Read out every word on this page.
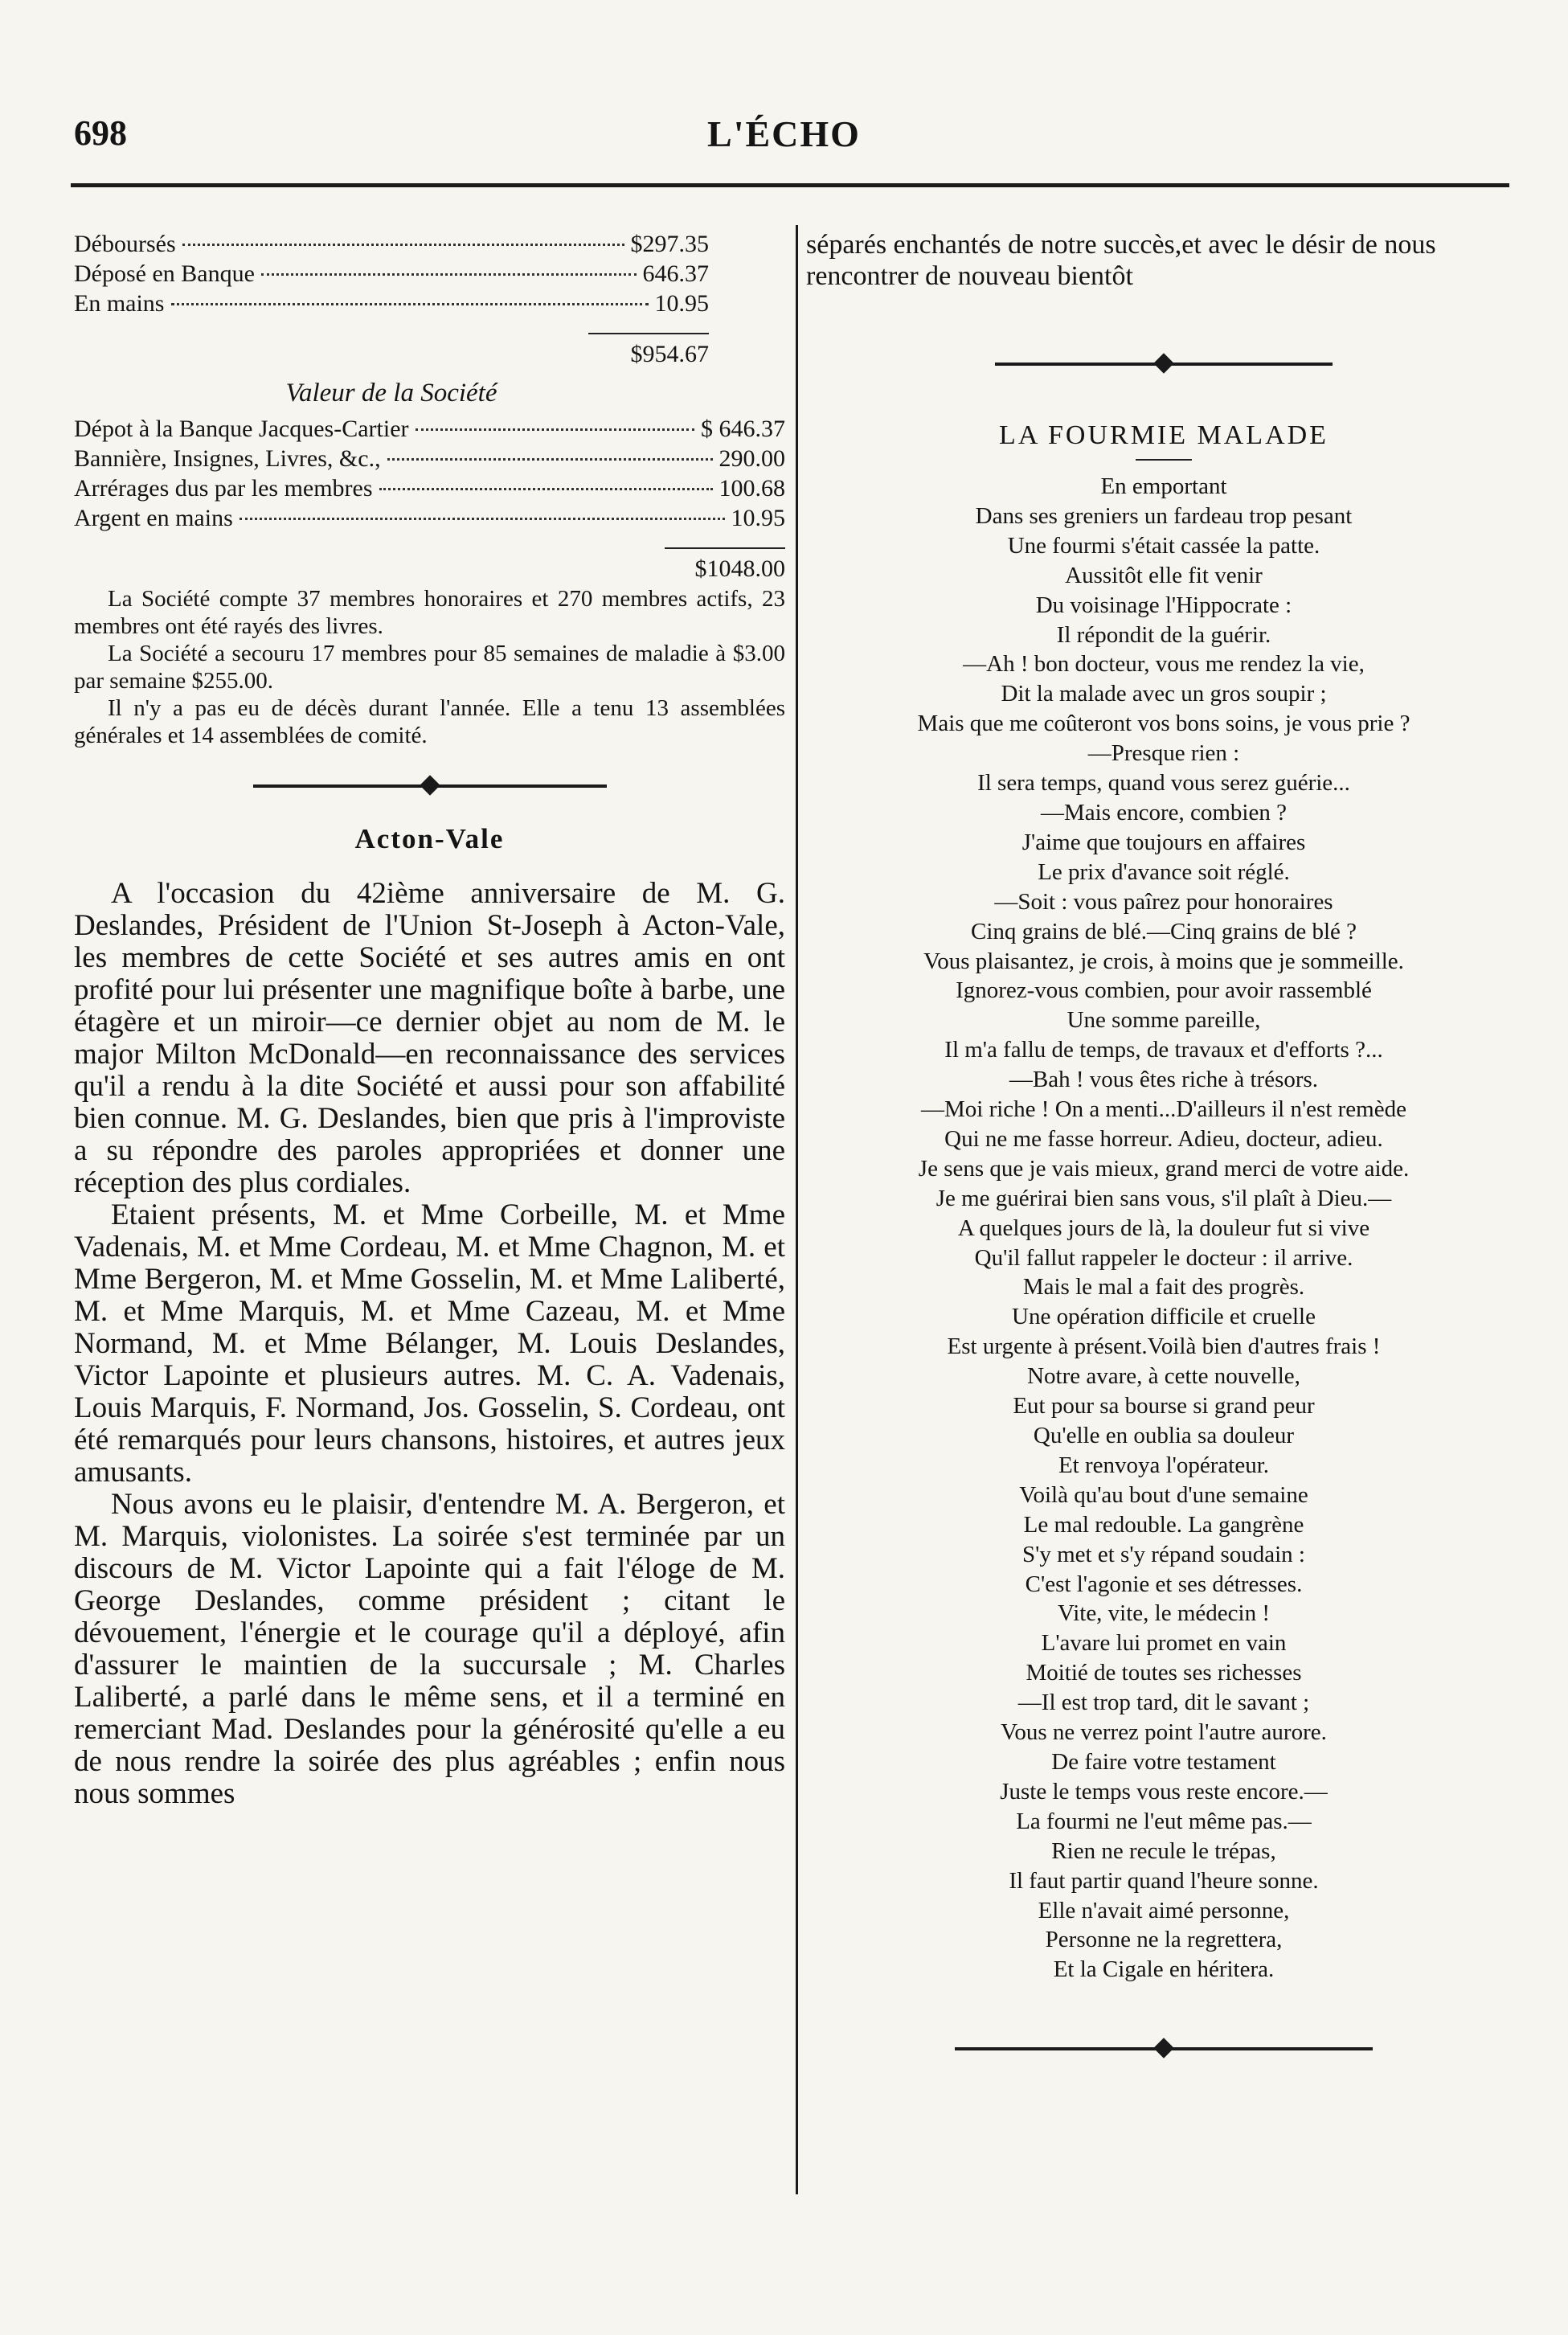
698	L'ÉCHO
Déboursés	$297.35
Déposé en Banque	646.37
En mains	10.95
$954.67
Valeur de la Société
Dépot à la Banque Jacques-Cartier	$ 646.37
Bannière, Insignes, Livres, &c.,	290.00
Arrérages dus par les membres	100.68
Argent en mains	10.95
$1048.00

La Société compte 37 membres honoraires et 270 membres actifs, 23 membres ont été rayés des livres.

La Société a secouru 17 membres pour 85 semaines de maladie à $3.00 par semaine $255.00.

Il n'y a pas eu de décès durant l'année. Elle a tenu 13 assemblées générales et 14 assemblées de comité.

Acton-Vale

A l'occasion du 42ième anniversaire de M. G. Deslandes, Président de l'Union St-Joseph à Acton-Vale, les membres de cette Société et ses autres amis en ont profité pour lui présenter une magnifique boîte à barbe, une étagère et un miroir—ce dernier objet au nom de M. le major Milton McDonald—en reconnaissance des services qu'il a rendu à la dite Société et aussi pour son affabilité bien connue. M. G. Deslandes, bien que pris à l'improviste a su répondre des paroles appropriées et donner une réception des plus cordiales.

Etaient présents, M. et Mme Corbeille, M. et Mme Vadenais, M. et Mme Cordeau, M. et Mme Chagnon, M. et Mme Bergeron, M. et Mme Gosselin, M. et Mme Laliberté, M. et Mme Marquis, M. et Mme Cazeau, M. et Mme Normand, M. et Mme Bélanger, M. Louis Deslandes, Victor Lapointe et plusieurs autres. M. C. A. Vadenais, Louis Marquis, F. Normand, Jos. Gosselin, S. Cordeau, ont été remarqués pour leurs chansons, histoires, et autres jeux amusants.

Nous avons eu le plaisir, d'entendre M. A. Bergeron, et M. Marquis, violonistes. La soirée s'est terminée par un discours de M. Victor Lapointe qui a fait l'éloge de M. George Deslandes, comme président ; citant le dévouement, l'énergie et le courage qu'il a déployé, afin d'assurer le maintien de la succursale ; M. Charles Laliberté, a parlé dans le même sens, et il a terminé en remerciant Mad. Deslandes pour la générosité qu'elle a eu de nous rendre la soirée des plus agréables ; enfin nous nous sommes

séparés enchantés de notre succès,et avec le désir de nous rencontrer de nouveau bientôt

LA FOURMIE MALADE
En emportant
Dans ses greniers un fardeau trop pesant
Une fourmi s'était cassée la patte.
Aussitôt elle fit venir
Du voisinage l'Hippocrate :
Il répondit de la guérir.
—Ah ! bon docteur, vous me rendez la vie,
Dit la malade avec un gros soupir ;
Mais que me coûteront vos bons soins, je vous prie ?
—Presque rien :
Il sera temps, quand vous serez guérie...
—Mais encore, combien ?
J'aime que toujours en affaires
Le prix d'avance soit réglé.
—Soit : vous paîrez pour honoraires
Cinq grains de blé.—Cinq grains de blé ?
Vous plaisantez, je crois, à moins que je sommeille.
Ignorez-vous combien, pour avoir rassemblé
Une somme pareille,
Il m'a fallu de temps, de travaux et d'efforts ?...
—Bah ! vous êtes riche à trésors.
—Moi riche ! On a menti...D'ailleurs il n'est remède
Qui ne me fasse horreur. Adieu, docteur, adieu.
Je sens que je vais mieux, grand merci de votre aide.
Je me guérirai bien sans vous, s'il plaît à Dieu.—
A quelques jours de là, la douleur fut si vive
Qu'il fallut rappeler le docteur : il arrive.
Mais le mal a fait des progrès.
Une opération difficile et cruelle
Est urgente à présent.Voilà bien d'autres frais !
Notre avare, à cette nouvelle,
Eut pour sa bourse si grand peur
Qu'elle en oublia sa douleur
Et renvoya l'opérateur.
Voilà qu'au bout d'une semaine
Le mal redouble. La gangrène
S'y met et s'y répand soudain :
C'est l'agonie et ses détresses.
Vite, vite, le médecin !
L'avare lui promet en vain
Moitié de toutes ses richesses
—Il est trop tard, dit le savant ;
Vous ne verrez point l'autre aurore.
De faire votre testament
Juste le temps vous reste encore.—
La fourmi ne l'eut même pas.—
Rien ne recule le trépas,
Il faut partir quand l'heure sonne.
Elle n'avait aimé personne,
Personne ne la regrettera,
Et la Cigale en héritera.
